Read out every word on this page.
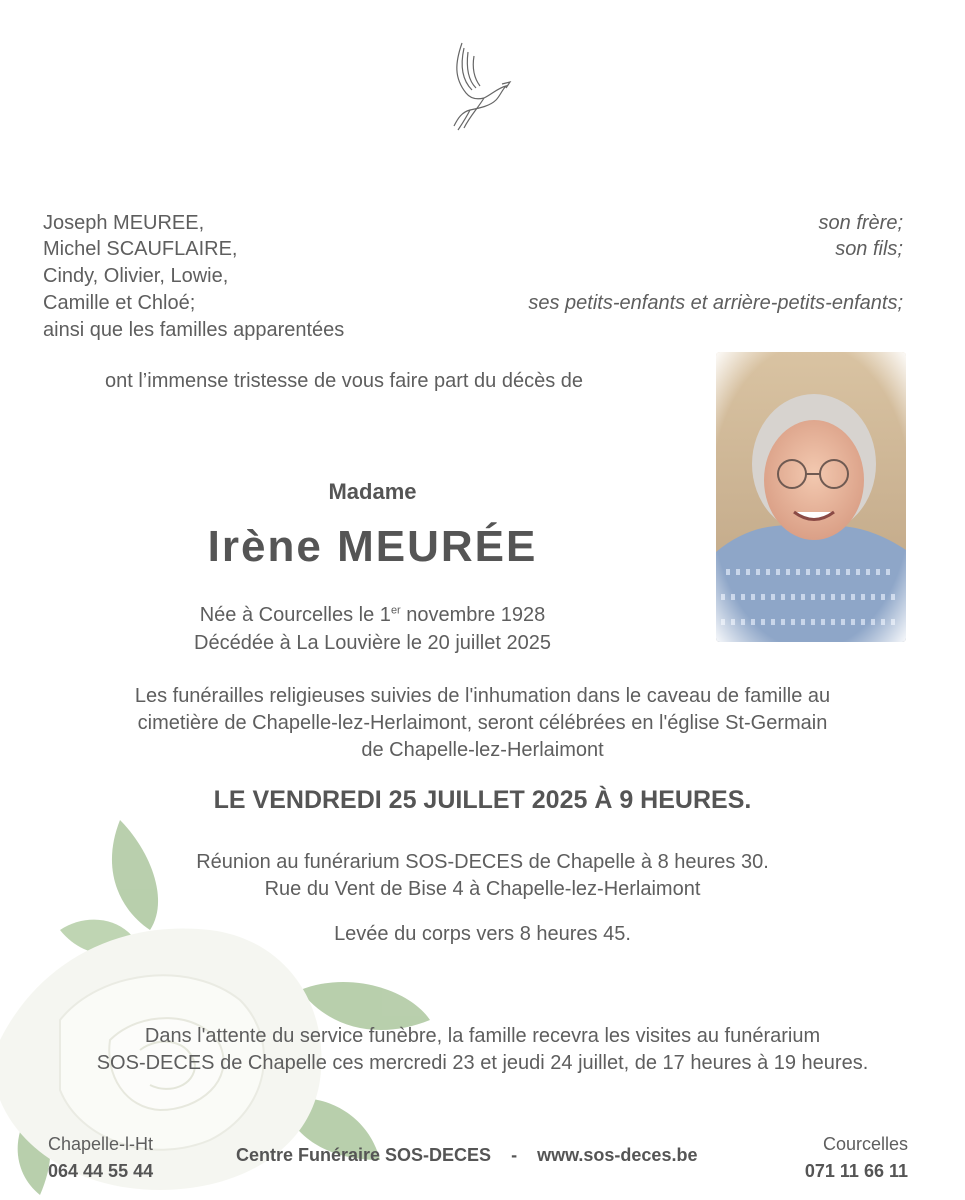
Joseph MEUREE,	son frère;
Michel SCAUFLAIRE,	son fils;
Cindy, Olivier, Lowie,
Camille et Chloé;	ses petits-enfants et arrière-petits-enfants;
ainsi que les familles apparentées
ont l’immense tristesse de vous faire part du décès de
Madame
Irène MEURÉE
Née à Courcelles le 1er novembre 1928
Décédée à La Louvière le 20 juillet 2025
Les funérailles religieuses suivies de l'inhumation dans le caveau de famille au
cimetière de Chapelle-lez-Herlaimont, seront célébrées en l'église St-Germain
de Chapelle-lez-Herlaimont
LE VENDREDI 25 JUILLET 2025 À 9 HEURES.
Réunion au funérarium SOS-DECES de Chapelle à 8 heures 30.
Rue du Vent de Bise 4 à Chapelle-lez-Herlaimont
Levée du corps vers 8 heures 45.
Dans l'attente du service funèbre, la famille recevra les visites au funérarium
SOS-DECES de Chapelle ces mercredi 23 et jeudi 24 juillet, de 17 heures à 19 heures.
Chapelle-l-Ht
064 44 55 44
Centre Funéraire SOS-DECES    -    www.sos-deces.be
Courcelles
071 11 66 11
